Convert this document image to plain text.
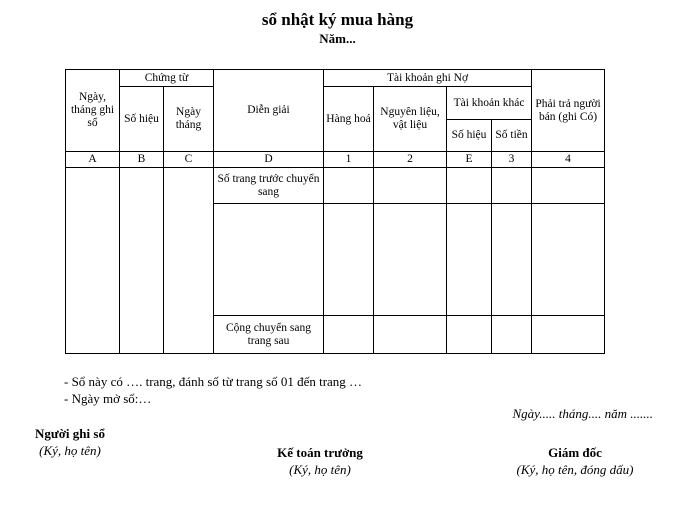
sổ nhật ký mua hàng
Năm...
Ngày, tháng ghi sổ	Chứng từ		Diễn giải	Tài khoản ghi Nợ				Phải trả người bán (ghi Có)
	Số hiệu	Ngày tháng		Hàng hoá	Nguyên liệu, vật liệu	Tài khoản khác		
						Số hiệu	Số tiền	
A	B	C	D	1	2	E	3	4
			Số trang trước chuyển sang					

			Cộng chuyển sang trang sau					
- Sổ này có …. trang, đánh số từ trang số 01 đến trang …
- Ngày mở sổ:…
Ngày..... tháng.... năm .......
Người ghi sổ
(Ký, họ tên)	Kế toán trưởng
(Ký, họ tên)
Giám đốc
(Ký, họ tên, đóng dấu)
